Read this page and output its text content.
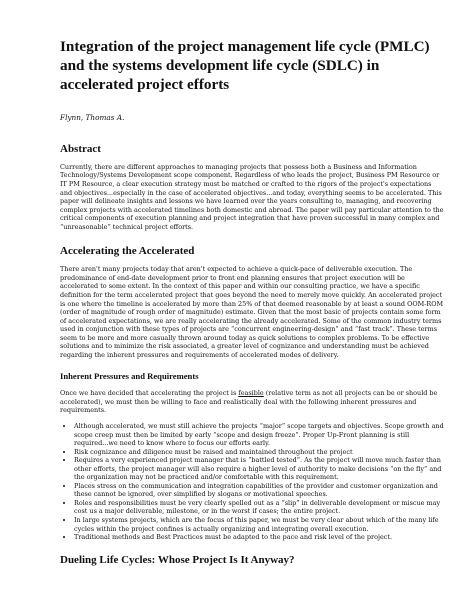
Integration of the project management life cycle (PMLC) and the systems development life cycle (SDLC) in accelerated project efforts

Flynn, Thomas A.

Abstract

Currently, there are different approaches to managing projects that possess both a Business and Information Technology/Systems Development scope component. Regardless of who leads the project, Business PM Resource or IT PM Resource, a clear execution strategy must be matched or crafted to the rigors of the project's expectations and objectives...especially in the case of accelerated objectives...and today, everything seems to be accelerated. This paper will delineate insights and lessons we have learned over the years consulting to, managing, and recovering complex projects with accelerated timelines both domestic and abroad. The paper will pay particular attention to the critical components of execution planning and project integration that have proven successful in many complex and “unreasonable” technical project efforts.

Accelerating the Accelerated

There aren't many projects today that aren't expected to achieve a quick-pace of deliverable execution. The predominance of end-date development prior to front end planning ensures that project execution will be accelerated to some extent. In the context of this paper and within our consulting practice, we have a specific definition for the term accelerated project that goes beyond the need to merely move quickly. An accelerated project is one where the timeline is accelerated by more than 25% of that deemed reasonable by at least a sound OOM-ROM (order of magnitude of rough order of magnitude) estimate. Given that the most basic of projects contain some form of accelerated expectations, we are really accelerating the already accelerated. Some of the common industry terms used in conjunction with these types of projects are “concurrent engineering-design” and “fast track”. These terms seem to be more and more casually thrown around today as quick solutions to complex problems. To be effective solutions and to minimize the risk associated, a greater level of cognizance and understanding must be achieved regarding the inherent pressures and requirements of accelerated modes of delivery.

Inherent Pressures and Requirements

Once we have decided that accelerating the project is feasible (relative term as not all projects can be or should be accelerated), we must then be willing to face and realistically deal with the following inherent pressures and requirements.

• Although accelerated, we must still achieve the projects “major” scope targets and objectives. Scope growth and scope creep must then be limited by early “scope and design freeze”. Proper Up-Front planning is still required...we need to know where to focus our efforts early.
• Risk cognizance and diligence must be raised and maintained throughout the project
• Requires a very experienced project manager that is “battled tested”. As the project will move much faster than other efforts, the project manager will also require a higher level of authority to make decisions “on the fly” and the organization may not be practiced and/or comfortable with this requirement.
• Places stress on the communication and integration capabilities of the provider and customer organization and these cannot be ignored, over simplified by slogans or motivational speeches.
• Roles and responsibilities must be very clearly spelled out as a “slip” in deliverable development or miscue may cost us a major deliverable, milestone, or in the worst if cases; the entire project.
• In large systems projects, which are the focus of this paper, we must be very clear about which of the many life cycles within the project confines is actually organizing and integrating overall execution.
• Traditional methods and Best Practices must be adapted to the pace and risk level of the project.
Dueling Life Cycles: Whose Project Is It Anyway?
